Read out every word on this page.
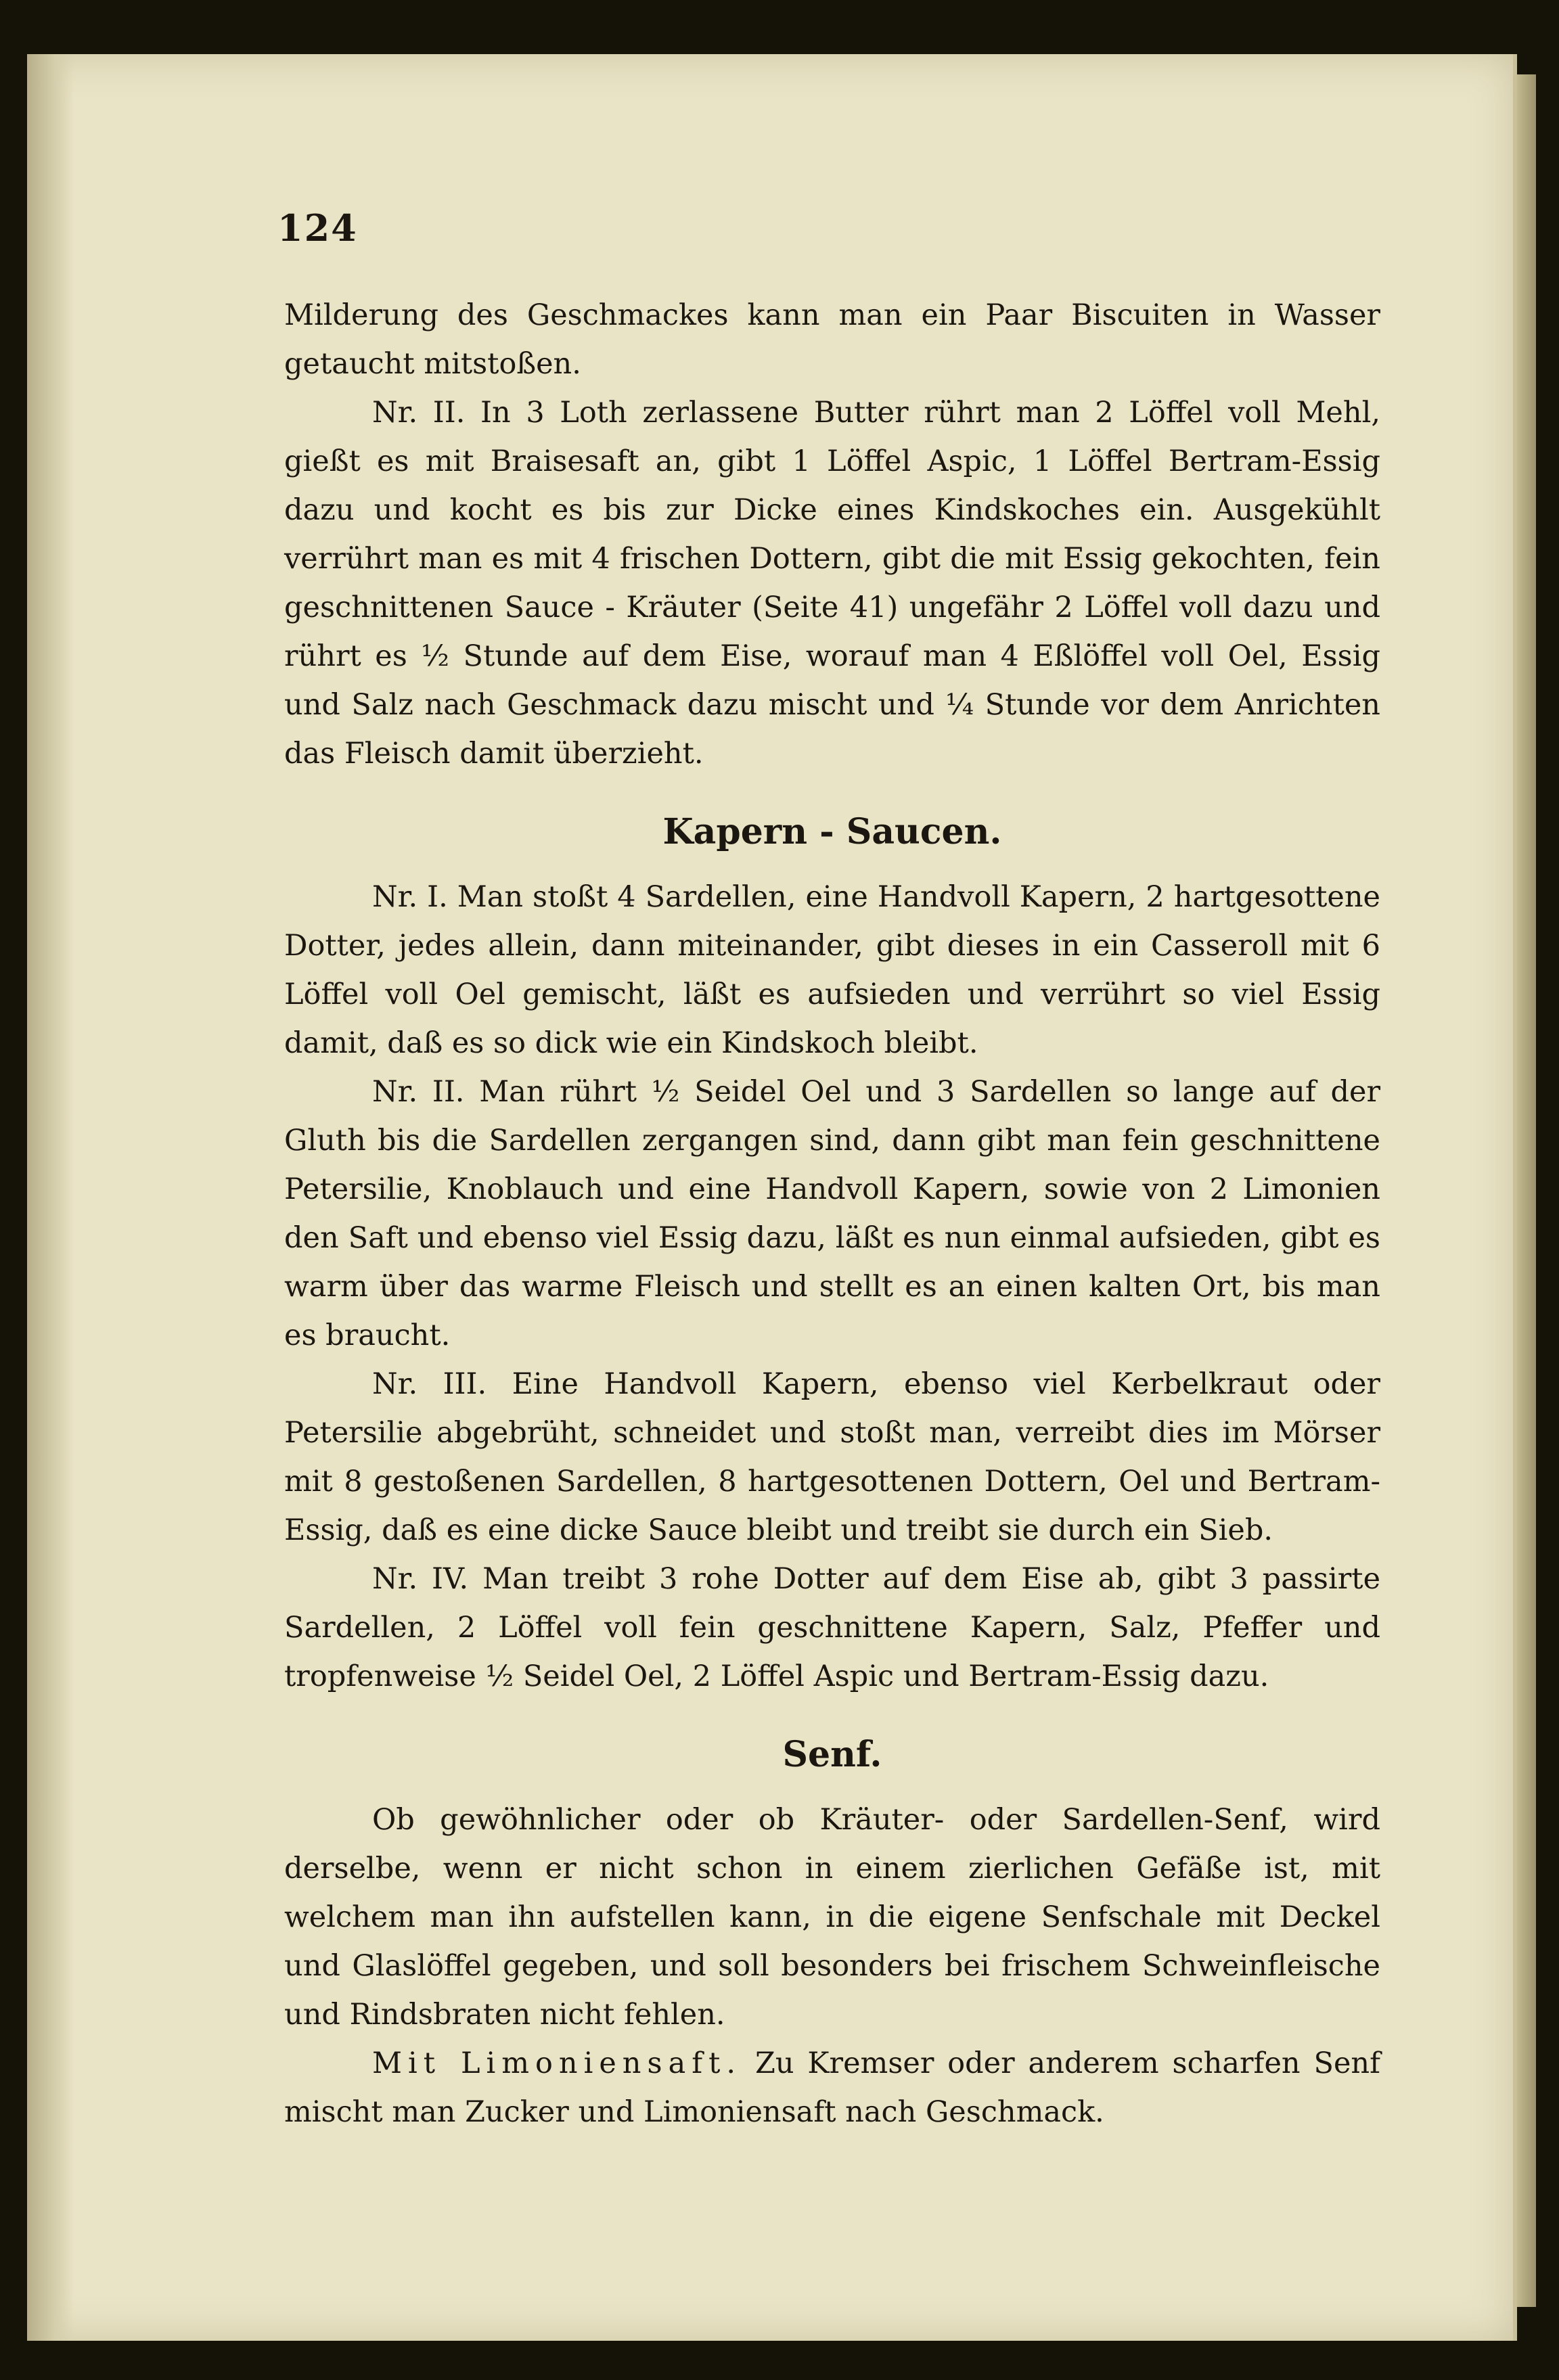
124

Milderung des Geschmackes kann man ein Paar Biscuiten in Wasser getaucht mitstoßen.

Nr. II. In 3 Loth zerlassene Butter rührt man 2 Löffel voll Mehl, gießt es mit Braisesaft an, gibt 1 Löffel Aspic, 1 Löffel Bertram-Essig dazu und kocht es bis zur Dicke eines Kindskoches ein. Ausgekühlt verrührt man es mit 4 frischen Dottern, gibt die mit Essig gekochten, fein geschnittenen Sauce - Kräuter (Seite 41) ungefähr 2 Löffel voll dazu und rührt es ½ Stunde auf dem Eise, worauf man 4 Eßlöffel voll Oel, Essig und Salz nach Geschmack dazu mischt und ¼ Stunde vor dem Anrichten das Fleisch damit überzieht.

Kapern - Saucen.

Nr. I. Man stoßt 4 Sardellen, eine Handvoll Kapern, 2 hartgesottene Dotter, jedes allein, dann miteinander, gibt dieses in ein Casseroll mit 6 Löffel voll Oel gemischt, läßt es aufsieden und verrührt so viel Essig damit, daß es so dick wie ein Kindskoch bleibt.

Nr. II. Man rührt ½ Seidel Oel und 3 Sardellen so lange auf der Gluth bis die Sardellen zergangen sind, dann gibt man fein geschnittene Petersilie, Knoblauch und eine Handvoll Kapern, sowie von 2 Limonien den Saft und ebenso viel Essig dazu, läßt es nun einmal aufsieden, gibt es warm über das warme Fleisch und stellt es an einen kalten Ort, bis man es braucht.

Nr. III. Eine Handvoll Kapern, ebenso viel Kerbelkraut oder Petersilie abgebrüht, schneidet und stoßt man, verreibt dies im Mörser mit 8 gestoßenen Sardellen, 8 hartgesottenen Dottern, Oel und Bertram-Essig, daß es eine dicke Sauce bleibt und treibt sie durch ein Sieb.

Nr. IV. Man treibt 3 rohe Dotter auf dem Eise ab, gibt 3 passirte Sardellen, 2 Löffel voll fein geschnittene Kapern, Salz, Pfeffer und tropfenweise ½ Seidel Oel, 2 Löffel Aspic und Bertram-Essig dazu.

Senf.

Ob gewöhnlicher oder ob Kräuter- oder Sardellen-Senf, wird derselbe, wenn er nicht schon in einem zierlichen Gefäße ist, mit welchem man ihn aufstellen kann, in die eigene Senfschale mit Deckel und Glaslöffel gegeben, und soll besonders bei frischem Schweinfleische und Rindsbraten nicht fehlen.

Mit Limoniensaft. Zu Kremser oder anderem scharfen Senf mischt man Zucker und Limoniensaft nach Geschmack.
